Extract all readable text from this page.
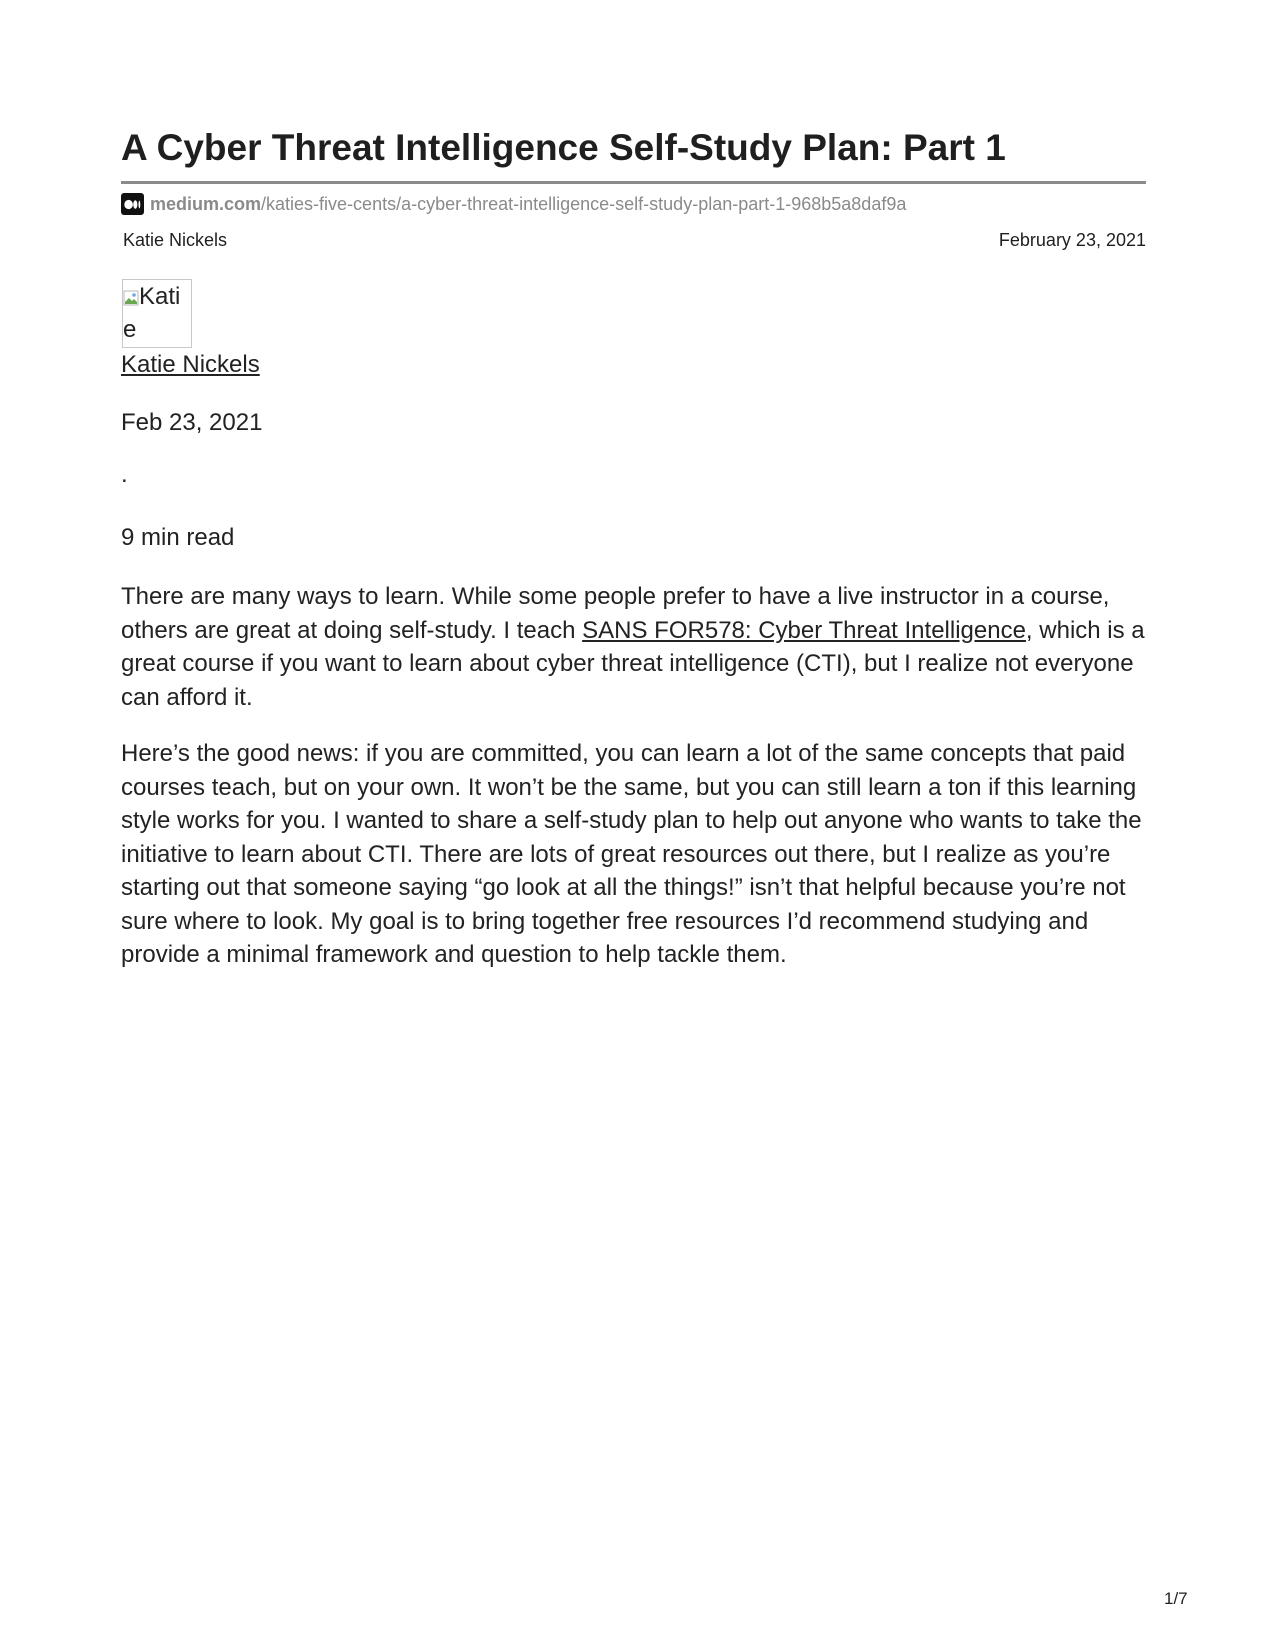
A Cyber Threat Intelligence Self-Study Plan: Part 1
medium.com /katies-five-cents/a-cyber-threat-intelligence-self-study-plan-part-1-968b5a8daf9a
Katie Nickels	February 23, 2021
Katie
Katie Nickels
Feb 23, 2021
.
9 min read

There are many ways to learn. While some people prefer to have a live instructor in a course, others are great at doing self-study. I teach SANS FOR578: Cyber Threat Intelligence, which is a great course if you want to learn about cyber threat intelligence (CTI), but I realize not everyone can afford it.

Here’s the good news: if you are committed, you can learn a lot of the same concepts that paid courses teach, but on your own. It won’t be the same, but you can still learn a ton if this learning style works for you. I wanted to share a self-study plan to help out anyone who wants to take the initiative to learn about CTI. There are lots of great resources out there, but I realize as you’re starting out that someone saying “go look at all the things!” isn’t that helpful because you’re not sure where to look. My goal is to bring together free resources I’d recommend studying and provide a minimal framework and question to help tackle them.

1/7
